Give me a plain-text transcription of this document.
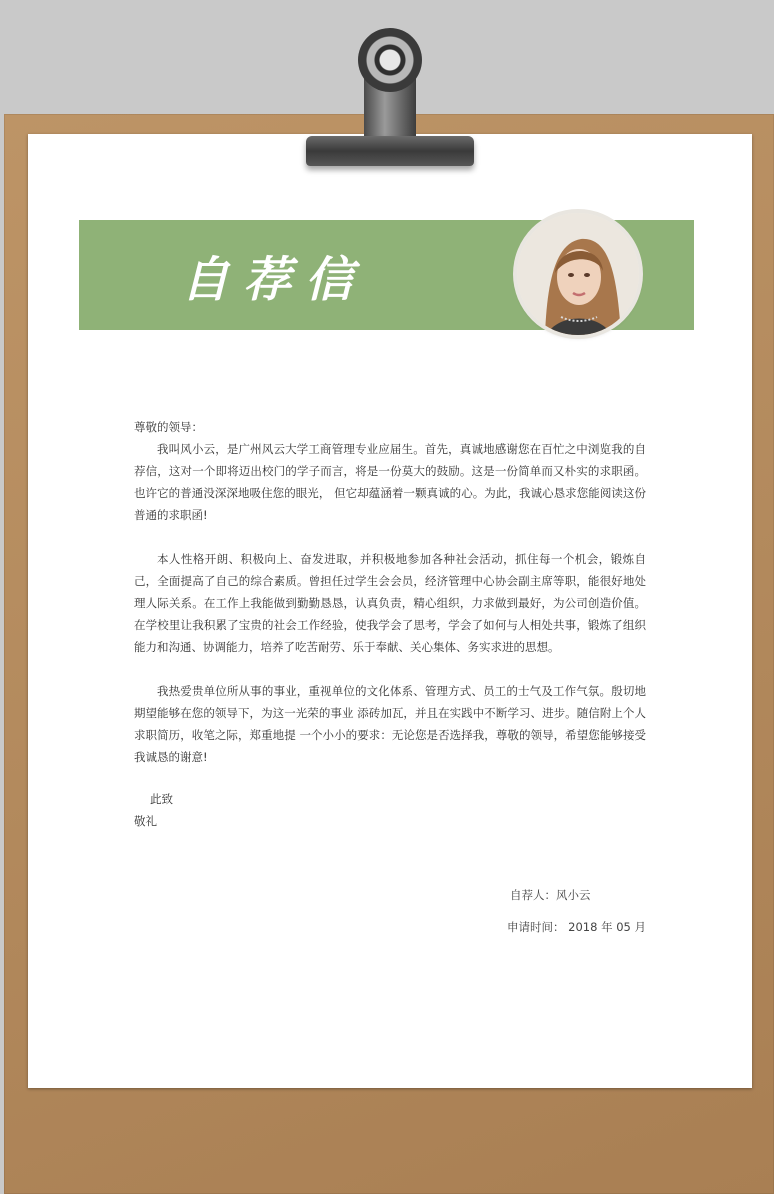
自荐信

尊敬的领导：

我叫风小云，是广州风云大学工商管理专业应届生。首先，真诚地感谢您在百忙之中浏览我的自荐信，这对一个即将迈出校门的学子而言，将是一份莫大的鼓励。这是一份简单而又朴实的求职函。也许它的普通没深深地吸住您的眼光， 但它却蕴涵着一颗真诚的心。为此，我诚心恳求您能阅读这份普通的求职函!

本人性格开朗、积极向上、奋发进取，并积极地参加各种社会活动，抓住每一个机会，锻炼自己，全面提高了自己的综合素质。曾担任过学生会会员，经济管理中心协会副主席等职，能很好地处理人际关系。在工作上我能做到勤勤恳恳，认真负责，精心组织，力求做到最好，为公司创造价值。在学校里让我积累了宝贵的社会工作经验，使我学会了思考，学会了如何与人相处共事，锻炼了组织能力和沟通、协调能力，培养了吃苦耐劳、乐于奉献、关心集体、务实求进的思想。

我热爱贵单位所从事的事业，重视单位的文化体系、管理方式、员工的士气及工作气氛。殷切地期望能够在您的领导下，为这一光荣的事业 添砖加瓦，并且在实践中不断学习、进步。随信附上个人求职简历，收笔之际，郑重地提 一个小小的要求：无论您是否选择我，尊敬的领导，希望您能够接受我诚恳的谢意!

此致
敬礼
自荐人：风小云
申请时间： 2018 年 05 月
